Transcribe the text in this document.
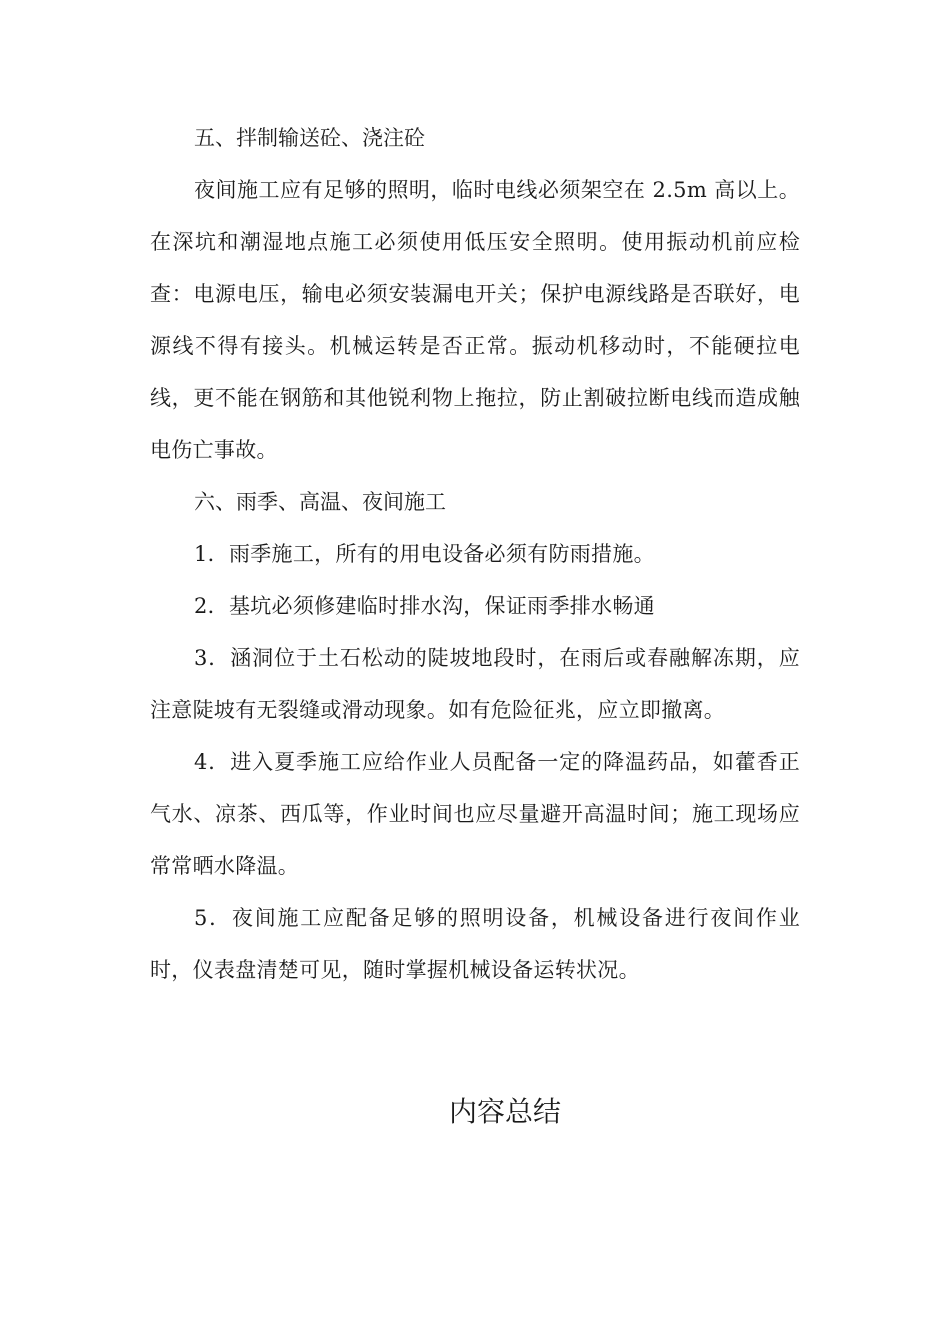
五、拌制输送砼、浇注砼

夜间施工应有足够的照明，临时电线必须架空在 2.5m 高以上。在深坑和潮湿地点施工必须使用低压安全照明。使用振动机前应检查：电源电压，输电必须安装漏电开关；保护电源线路是否联好，电源线不得有接头。机械运转是否正常。振动机移动时，不能硬拉电线，更不能在钢筋和其他锐利物上拖拉，防止割破拉断电线而造成触电伤亡事故。

六、雨季、高温、夜间施工

1．雨季施工，所有的用电设备必须有防雨措施。

2．基坑必须修建临时排水沟，保证雨季排水畅通

3．涵洞位于土石松动的陡坡地段时，在雨后或春融解冻期，应注意陡坡有无裂缝或滑动现象。如有危险征兆，应立即撤离。

4．进入夏季施工应给作业人员配备一定的降温药品，如藿香正气水、凉茶、西瓜等，作业时间也应尽量避开高温时间；施工现场应常常晒水降温。

5．夜间施工应配备足够的照明设备，机械设备进行夜间作业时，仪表盘清楚可见，随时掌握机械设备运转状况。

内容总结
